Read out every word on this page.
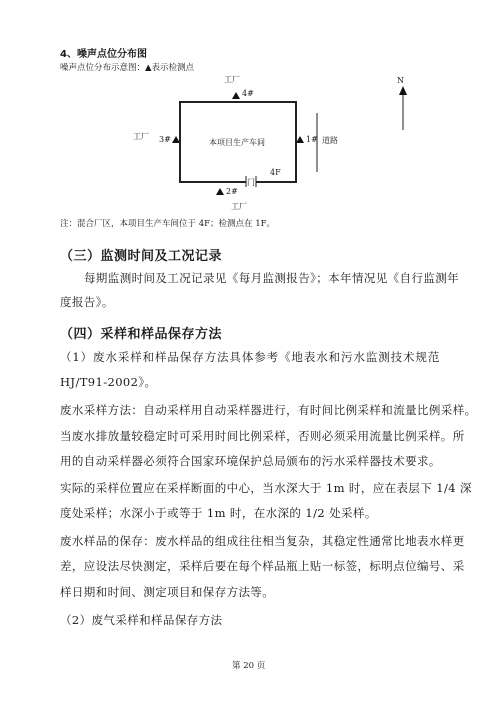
4、噪声点位分布图
噪声点位分布示意图：▲表示检测点
工厂
4#
本项目生产车间
工厂 3#	1# 道路
N
4F
门
2#
工厂
注：混合厂区，本项目生产车间位于 4F；检测点在 1F。
（三）监测时间及工况记录
每期监测时间及工况记录见《每月监测报告》；本年情况见《自行监测年
度报告》。
（四）采样和样品保存方法
（1）废水采样和样品保存方法具体参考《地表水和污水监测技术规范
HJ/T91-2002》。
废水采样方法：自动采样用自动采样器进行，有时间比例采样和流量比例采样。
当废水排放量较稳定时可采用时间比例采样，否则必须采用流量比例采样。所
用的自动采样器必须符合国家环境保护总局颁布的污水采样器技术要求。
实际的采样位置应在采样断面的中心，当水深大于 1m 时，应在表层下 1/4 深
度处采样；水深小于或等于 1m 时，在水深的 1/2 处采样。
废水样品的保存：废水样品的组成往往相当复杂，其稳定性通常比地表水样更
差，应设法尽快测定，采样后要在每个样品瓶上贴一标签，标明点位编号、采
样日期和时间、测定项目和保存方法等。
（2）废气采样和样品保存方法
第 20 页
